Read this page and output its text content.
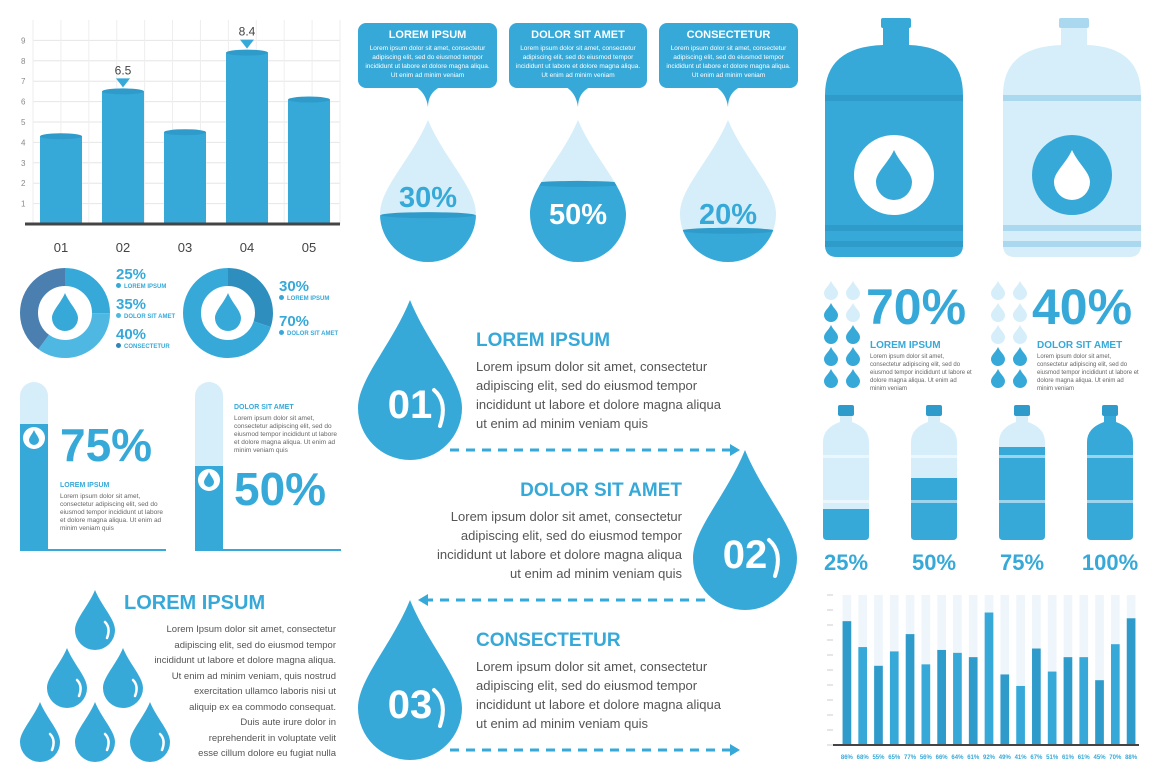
1
2
3
4
5
6
7
8
9
01	02
6.5
03	04
8.4
05
25%
LOREM IPSUM
35%
DOLOR SIT AMET
40%
CONSECTETUR
30%
LOREM IPSUM
70%
DOLOR SIT AMET
75%
LOREM IPSUM
Lorem ipsum dolor sit amet, consectetur adipiscing elit, sed do eiusmod tempor incididunt ut labore et dolore magna aliqua. Ut enim ad minim veniam quis
DOLOR SIT AMET
Lorem ipsum dolor sit amet, consectetur adipiscing elit, sed do eiusmod tempor incididunt ut labore et dolore magna aliqua. Ut enim ad minim veniam quis
50%
LOREM IPSUM
Lorem Ipsum dolor sit amet, consectetur
adipiscing elit, sed do eiusmod tempor
incididunt ut labore et dolore magna aliqua.
Ut enim ad minim veniam, quis nostrud
exercitation ullamco laboris nisi ut
aliquip ex ea commodo consequat.
Duis aute irure dolor in
reprehenderit in voluptate velit
esse cillum dolore eu fugiat nulla
LOREM IPSUM

Lorem ipsum dolor sit amet, consectetur adipiscing elit, sed do eiusmod tempor incididunt ut labore et dolore magna aliqua. Ut enim ad minim veniam

DOLOR SIT AMET

Lorem ipsum dolor sit amet, consectetur adipiscing elit, sed do eiusmod tempor incididunt ut labore et dolore magna aliqua. Ut enim ad minim veniam

CONSECTETUR

Lorem ipsum dolor sit amet, consectetur adipiscing elit, sed do eiusmod tempor incididunt ut labore et dolore magna aliqua. Ut enim ad minim veniam

30%
50%	20%
01
02
03
LOREM IPSUM
Lorem ipsum dolor sit amet, consectetur
adipiscing elit, sed do eiusmod tempor
incididunt ut labore et dolore magna aliqua
ut enim ad minim veniam quis
DOLOR SIT AMET
Lorem ipsum dolor sit amet, consectetur
adipiscing elit, sed do eiusmod tempor
incididunt ut labore et dolore magna aliqua
ut enim ad minim veniam quis
CONSECTETUR
Lorem ipsum dolor sit amet, consectetur
adipiscing elit, sed do eiusmod tempor
incididunt ut labore et dolore magna aliqua
ut enim ad minim veniam quis
70%
LOREM IPSUM
Lorem ipsum dolor sit amet, consectetur adipiscing elit, sed do eiusmod tempor incididunt ut labore et dolore magna aliqua. Ut enim ad minim veniam
40%
DOLOR SIT AMET
Lorem ipsum dolor sit amet, consectetur adipiscing elit, sed do eiusmod tempor incididunt ut labore et dolore magna aliqua. Ut enim ad minim veniam
25% 50% 75% 100%
86% 68% 55% 65% 77% 56% 66% 64% 61% 92% 49% 41% 67% 51% 61% 61% 45% 70% 88%
